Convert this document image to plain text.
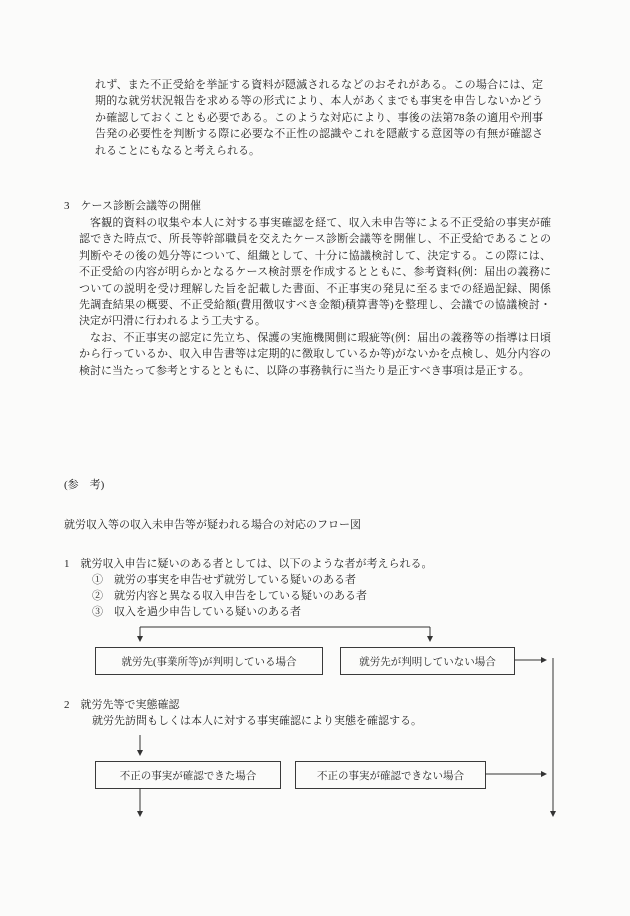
れず、また不正受給を挙証する資料が隠滅されるなどのおそれがある。この場合には、定期的な就労状況報告を求める等の形式により、本人があくまでも事実を申告しないかどうか確認しておくことも必要である。このような対応により、事後の法第78条の適用や刑事告発の必要性を判断する際に必要な不正性の認識やこれを隠蔽する意図等の有無が確認されることにもなると考えられる。

3　ケース診断会議等の開催

客観的資料の収集や本人に対する事実確認を経て、収入未申告等による不正受給の事実が確認できた時点で、所長等幹部職員を交えたケース診断会議等を開催し、不正受給であることの判断やその後の処分等について、組織として、十分に協議検討して、決定する。この際には、不正受給の内容が明らかとなるケース検討票を作成するとともに、参考資料(例：届出の義務についての説明を受け理解した旨を記載した書面、不正事実の発見に至るまでの経過記録、関係先調査結果の概要、不正受給額(費用徴収すべき金額)積算書等)を整理し、会議での協議検討・決定が円滑に行われるよう工夫する。

なお、不正事実の認定に先立ち、保護の実施機関側に瑕疵等(例：届出の義務等の指導は日頃から行っているか、収入申告書等は定期的に徴取しているか等)がないかを点検し、処分内容の検討に当たって参考とするとともに、以降の事務執行に当たり是正すべき事項は是正する。

(参　考)
就労収入等の収入未申告等が疑われる場合の対応のフロー図
1　就労収入申告に疑いのある者としては、以下のような者が考えられる。
①　就労の事実を申告せず就労している疑いのある者
②　就労内容と異なる収入申告をしている疑いのある者
③　収入を過少申告している疑いのある者
就労先(事業所等)が判明している場合	就労先が判明していない場合
2　就労先等で実態確認
就労先訪問もしくは本人に対する事実確認により実態を確認する。
不正の事実が確認できた場合	不正の事実が確認できない場合
